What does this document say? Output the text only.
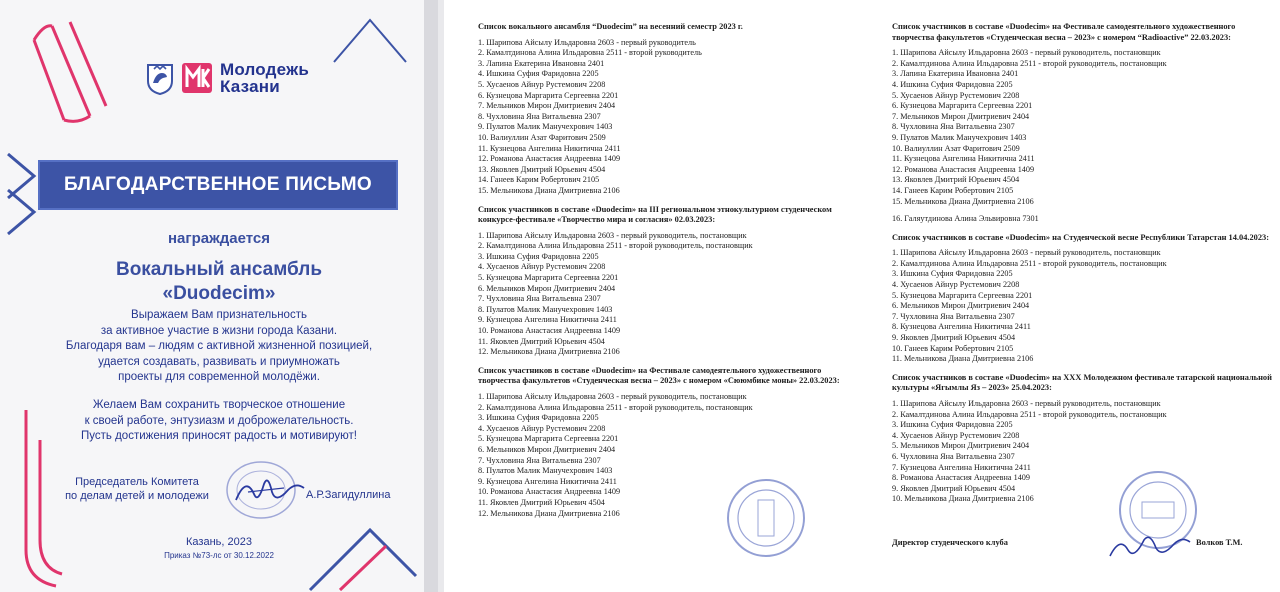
Молодежь
Казани
БЛАГОДАРСТВЕННОЕ ПИСЬМО
награждается
Вокальный ансамбль
«Duodecim»
Выражаем Вам признательность
за активное участие в жизни города Казани.
Благодаря вам – людям с активной жизненной позицией,
удается создавать, развивать и приумножать
проекты для современной молодёжи.
Желаем Вам сохранить творческое отношение
к своей работе, энтузиазм и доброжелательность.
Пусть достижения приносят радость и мотивируют!
Председатель Комитета
по делам детей и молодежи	А.Р.Загидуллина
Казань, 2023
Приказ №73-лс от 30.12.2022
Список вокального ансамбля “Duodecim” на весенний семестр 2023 г.
1. Шарипова Айсылу Ильдаровна 2603 - первый руководитель
2. Камалтдинова Алина Ильдаровна 2511 - второй руководитель
3. Лапина Екатерина Ивановна 2401
4. Ишкина Суфия Фаридовна 2205
5. Хусаенов Айнур Рустемович 2208
6. Кузнецова Маргарита Сергеевна 2201
7. Мельников Мирон Дмитриевич 2404
8. Чухловина Яна Витальевна 2307
9. Пулатов Малик Манучехрович 1403
10. Валиуллин Азат Фаритович 2509
11. Кузнецова Ангелина Никитична 2411
12. Романова Анастасия Андреевна 1409
13. Яковлев Дмитрий Юрьевич 4504
14. Ганеев Карим Робертович 2105
15. Мельникова Диана Дмитриевна 2106
Список участников в составе «Duodecim» на III региональном этнокультурном студенческом конкурсе-фестивале «Творчество мира и согласия» 02.03.2023:
1. Шарипова Айсылу Ильдаровна 2603 - первый руководитель, постановщик
2. Камалтдинова Алина Ильдаровна 2511 - второй руководитель, постановщик
3. Ишкина Суфия Фаридовна 2205
4. Хусаенов Айнур Рустемович 2208
5. Кузнецова Маргарита Сергеевна 2201
6. Мельников Мирон Дмитриевич 2404
7. Чухловина Яна Витальевна 2307
8. Пулатов Малик Манучехрович 1403
9. Кузнецова Ангелина Никитична 2411
10. Романова Анастасия Андреевна 1409
11. Яковлев Дмитрий Юрьевич 4504
12. Мельникова Диана Дмитриевна 2106
Список участников в составе «Duodecim» на Фестивале самодеятельного художественного творчества факультетов «Студенческая весна – 2023» с номером «Сююмбике моны» 22.03.2023:
1. Шарипова Айсылу Ильдаровна 2603 - первый руководитель, постановщик
2. Камалтдинова Алина Ильдаровна 2511 - второй руководитель, постановщик
3. Ишкина Суфия Фаридовна 2205
4. Хусаенов Айнур Рустемович 2208
5. Кузнецова Маргарита Сергеевна 2201
6. Мельников Мирон Дмитриевич 2404
7. Чухловина Яна Витальевна 2307
8. Пулатов Малик Манучехрович 1403
9. Кузнецова Ангелина Никитична 2411
10. Романова Анастасия Андреевна 1409
11. Яковлев Дмитрий Юрьевич 4504
12. Мельникова Диана Дмитриевна 2106
Список участников в составе «Duodecim» на Фестивале самодеятельного художественного творчества факультетов «Студенческая весна – 2023» с номером “Radioactive” 22.03.2023:
1. Шарипова Айсылу Ильдаровна 2603 - первый руководитель, постановщик
2. Камалтдинова Алина Ильдаровна 2511 - второй руководитель, постановщик
3. Лапина Екатерина Ивановна 2401
4. Ишкина Суфия Фаридовна 2205
5. Хусаенов Айнур Рустемович 2208
6. Кузнецова Маргарита Сергеевна 2201
7. Мельников Мирон Дмитриевич 2404
8. Чухловина Яна Витальевна 2307
9. Пулатов Малик Манучехрович 1403
10. Валиуллин Азат Фаритович 2509
11. Кузнецова Ангелина Никитична 2411
12. Романова Анастасия Андреевна 1409
13. Яковлев Дмитрий Юрьевич 4504
14. Ганеев Карим Робертович 2105
15. Мельникова Диана Дмитриевна 2106
16. Галяутдинова Алина Эльвировна 7301
Список участников в составе «Duodecim» на Студенческой весне Республики Татарстан 14.04.2023:
1. Шарипова Айсылу Ильдаровна 2603 - первый руководитель, постановщик
2. Камалтдинова Алина Ильдаровна 2511 - второй руководитель, постановщик
3. Ишкина Суфия Фаридовна 2205
4. Хусаенов Айнур Рустемович 2208
5. Кузнецова Маргарита Сергеевна 2201
6. Мельников Мирон Дмитриевич 2404
7. Чухловина Яна Витальевна 2307
8. Кузнецова Ангелина Никитична 2411
9. Яковлев Дмитрий Юрьевич 4504
10. Ганеев Карим Робертович 2105
11. Мельникова Диана Дмитриевна 2106
Список участников в составе «Duodecim» на XXX Молодежном фестивале татарской национальной культуры «Ягымлы Яз – 2023» 25.04.2023:
1. Шарипова Айсылу Ильдаровна 2603 - первый руководитель, постановщик
2. Камалтдинова Алина Ильдаровна 2511 - второй руководитель, постановщик
3. Ишкина Суфия Фаридовна 2205
4. Хусаенов Айнур Рустемович 2208
5. Мельников Мирон Дмитриевич 2404
6. Чухловина Яна Витальевна 2307
7. Кузнецова Ангелина Никитична 2411
8. Романова Анастасия Андреевна 1409
9. Яковлев Дмитрий Юрьевич 4504
10. Мельникова Диана Дмитриевна 2106
Директор студенческого клуба	Волков Т.М.
